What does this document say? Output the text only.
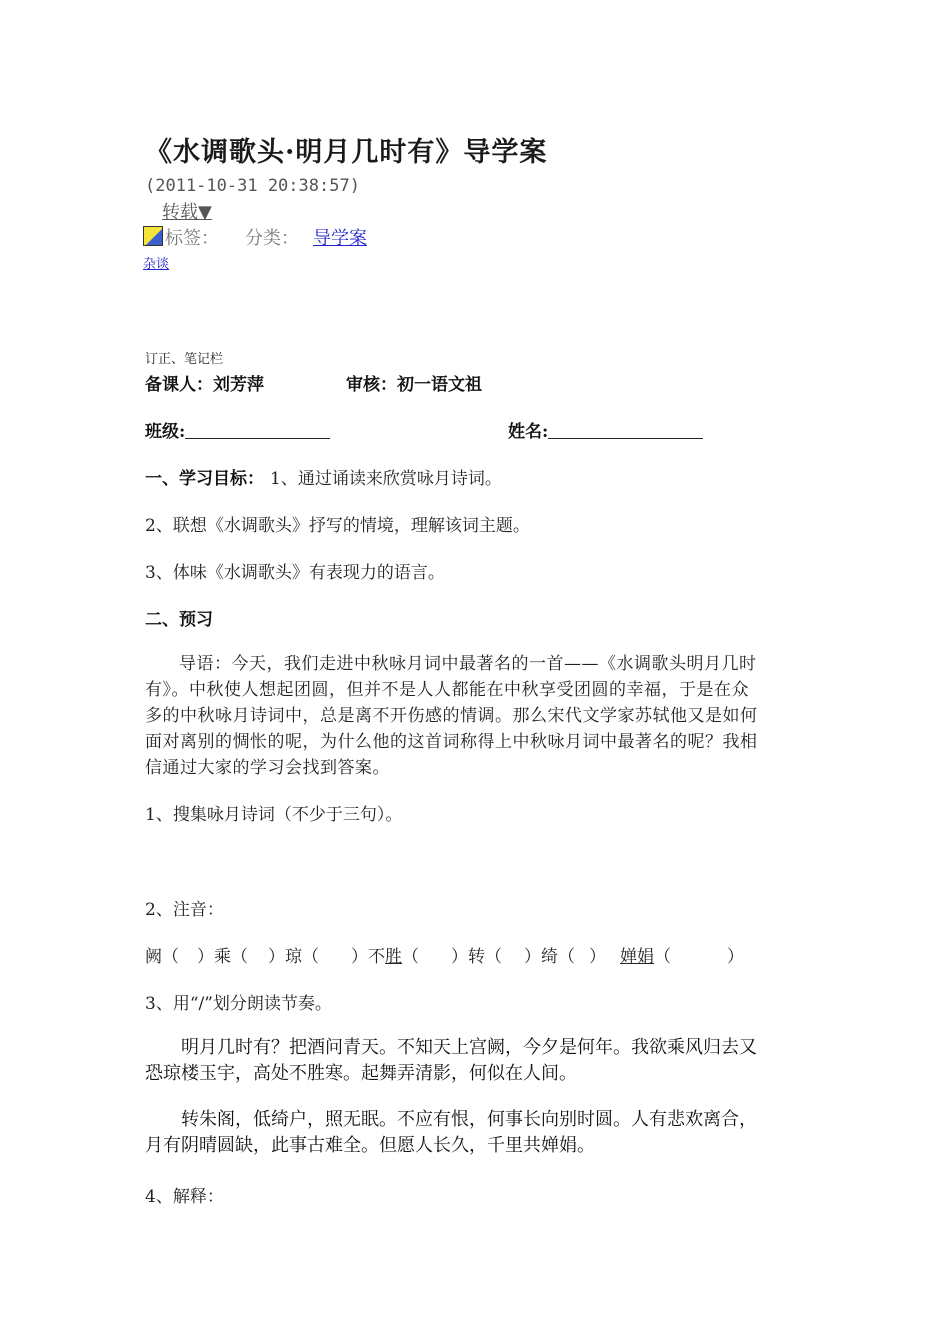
《水调歌头·明月几时有》导学案
(2011-10-31 20:38:57)
转载▼
标签： 分类： 导学案
杂谈
订正、笔记栏
备课人：刘芳萍	审核：初一语文祖
班级:	姓名:
一、学习目标： 1、通过诵读来欣赏咏月诗词。
2、联想《水调歌头》抒写的情境，理解该词主题。
3、体味《水调歌头》有表现力的语言。
二、预习
导语：今天，我们走进中秋咏月词中最著名的一首——《水调歌头明月几时有》。中秋使人想起团圆，但并不是人人都能在中秋享受团圆的幸福，于是在众多的中秋咏月诗词中，总是离不开伤感的情调。那么宋代文学家苏轼他又是如何面对离别的惆怅的呢，为什么他的这首词称得上中秋咏月词中最著名的呢？我相信通过大家的学习会找到答案。
1、搜集咏月诗词（不少于三句）。
2、注音：
阙（ ）乘（ ）琼（ ）不胜（ ）转（ ）绮（ ） 婵娟（	）
3、用“/”划分朗读节奏。
明月几时有？把酒问青天。不知天上宫阙，今夕是何年。我欲乘风归去又恐琼楼玉宇，高处不胜寒。起舞弄清影，何似在人间。
转朱阁，低绮户，照无眠。不应有恨，何事长向别时圆。人有悲欢离合，月有阴晴圆缺，此事古难全。但愿人长久，千里共婵娟。
4、解释：
